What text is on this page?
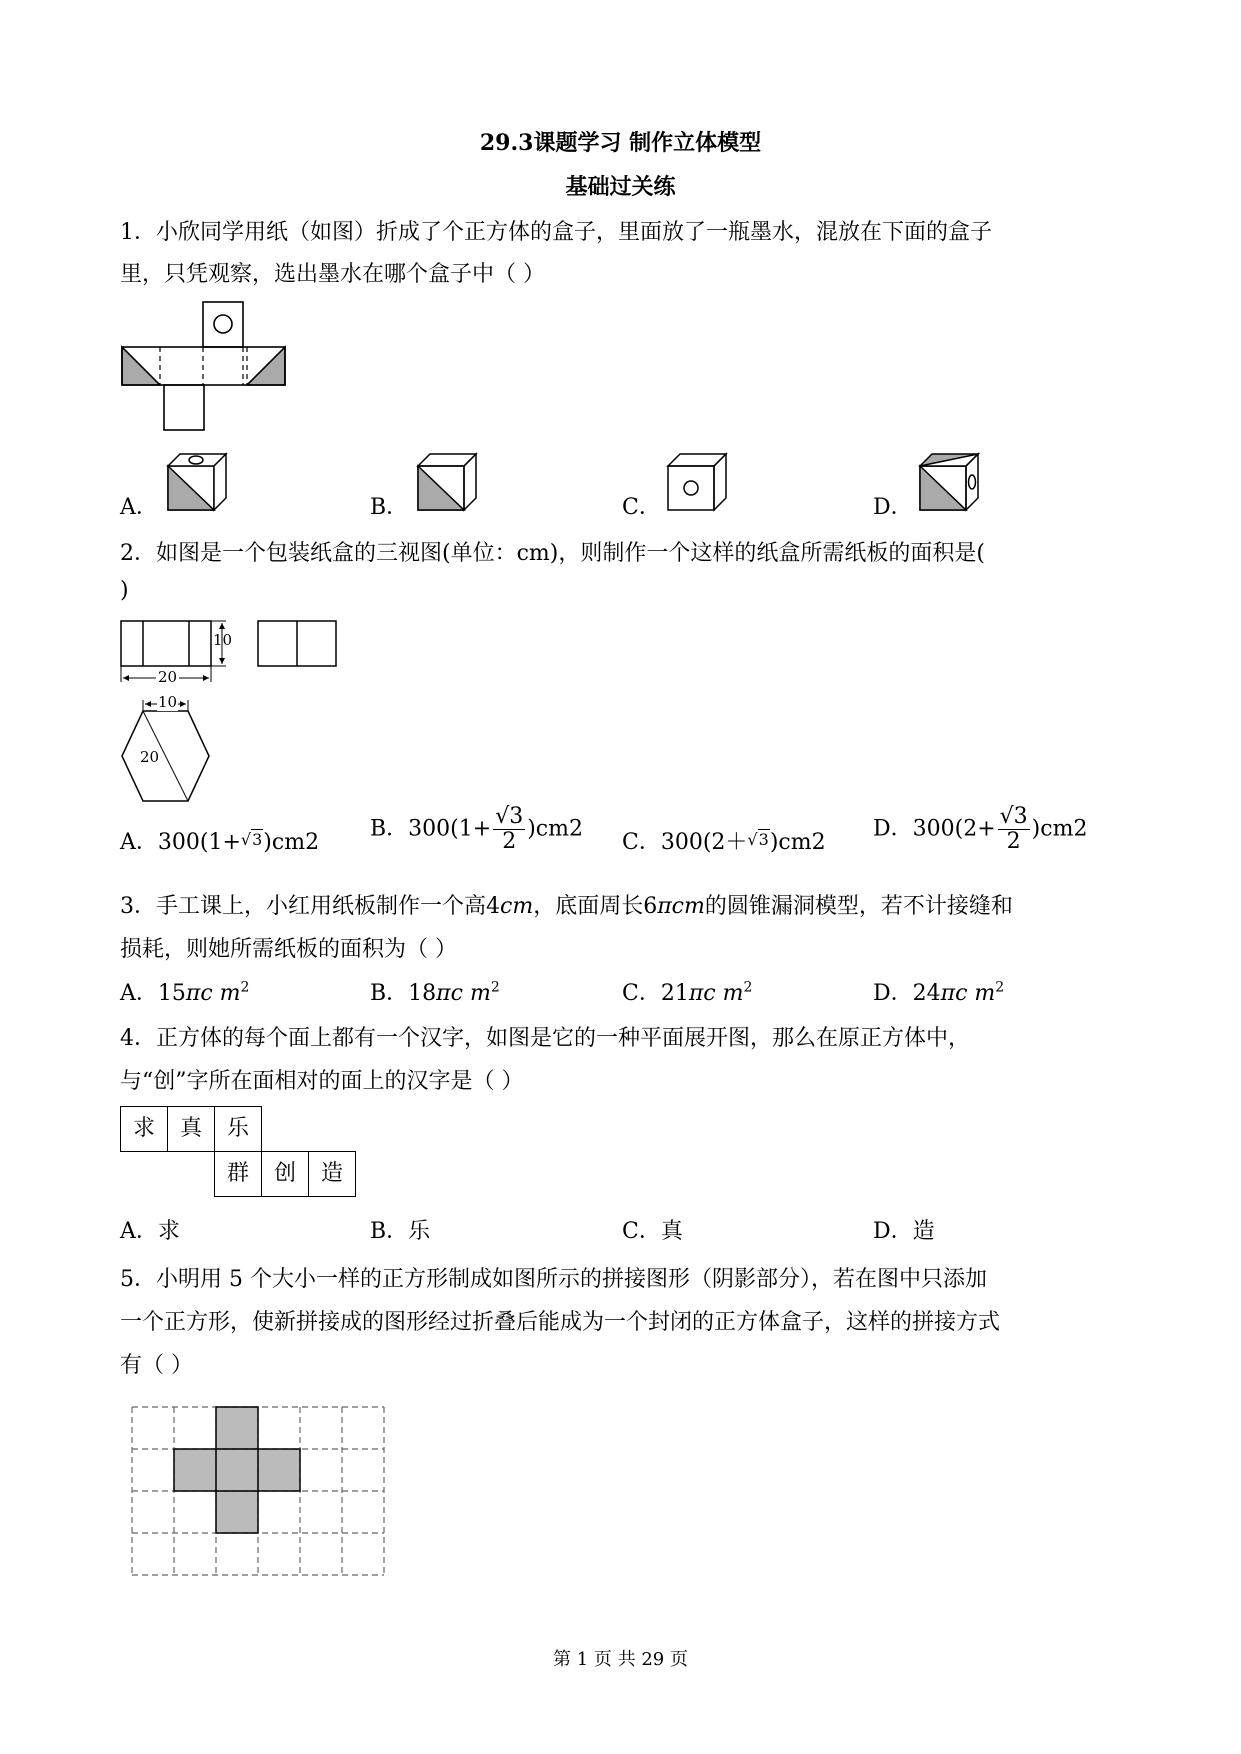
29.3课题学习 制作立体模型
基础过关练
1．小欣同学用纸（如图）折成了个正方体的盒子，里面放了一瓶墨水，混放在下面的盒子
里，只凭观察，选出墨水在哪个盒子中（ ）
A．	B．	C．	D．
2．如图是一个包装纸盒的三视图(单位：cm)，则制作一个这样的纸盒所需纸板的面积是(
)
10
20
10
20
A．300(1+√3)cm2
B．$300(1+ \frac{√3}{2} )cm2$
C．300(2＋√3)cm2
D．$300(2+ \frac{√3}{2} )cm2$
3．手工课上，小红用纸板制作一个高4cm，底面周长6πcm的圆锥漏洞模型，若不计接缝和
损耗，则她所需纸板的面积为（ ）
A．15πc $m^2$	B．18πc $m^2$	C．21πc $m^2$	D．24πc $m^2$
4．正方体的每个面上都有一个汉字，如图是它的一种平面展开图，那么在原正方体中，
与“创”字所在面相对的面上的汉字是（ ）
求	真	乐
群	创	造
A．求	B．乐	C．真	D．造
5．小明用 5 个大小一样的正方形制成如图所示的拼接图形（阴影部分），若在图中只添加
一个正方形，使新拼接成的图形经过折叠后能成为一个封闭的正方体盒子，这样的拼接方式
有（ ）
第 1 页 共 29 页
